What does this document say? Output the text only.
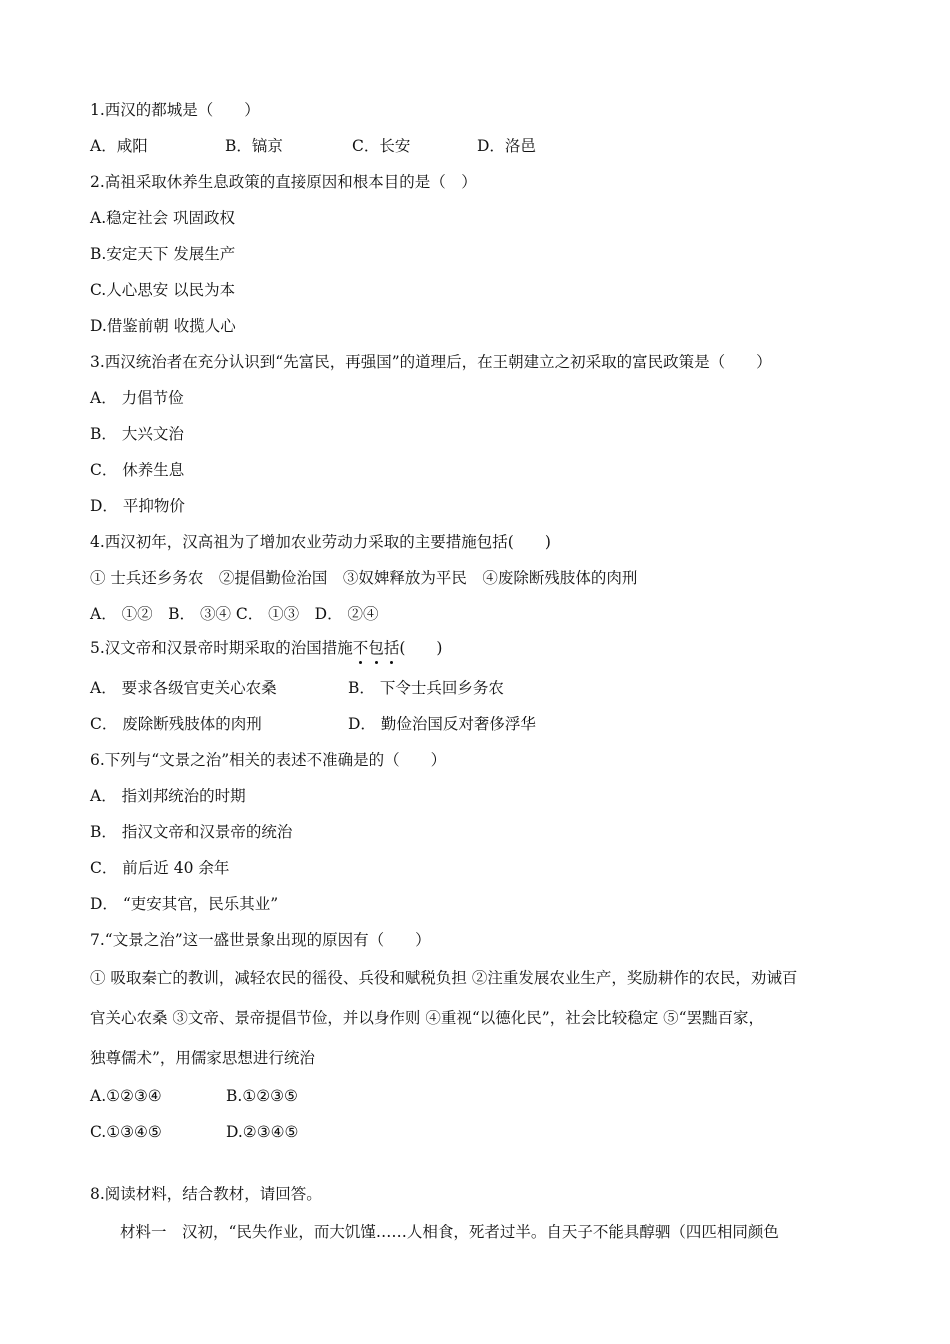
1.西汉的都城是（　　）
A．咸阳	B．镐京	C．长安	D．洛邑
2.高祖采取休养生息政策的直接原因和根本目的是（　）
A.稳定社会 巩固政权
B.安定天下 发展生产
C.人心思安 以民为本
D.借鉴前朝 收揽人心
3.西汉统治者在充分认识到“先富民，再强国”的道理后，在王朝建立之初采取的富民政策是（　　）
A． 力倡节俭
B． 大兴文治
C． 休养生息
D． 平抑物价
4.西汉初年，汉高祖为了增加农业劳动力采取的主要措施包括(　　)
① 士兵还乡务农　②提倡勤俭治国　③奴婢释放为平民　④废除断残肢体的肉刑
A． ①②　B． ③④ C． ①③　D． ②④
5.汉文帝和汉景帝时期采取的治国措施不包括(　　)
A． 要求各级官吏关心农桑	B． 下令士兵回乡务农
C． 废除断残肢体的肉刑	D． 勤俭治国反对奢侈浮华
6.下列与“文景之治”相关的表述不准确是的（　　）
A． 指刘邦统治的时期
B． 指汉文帝和汉景帝的统治
C． 前后近 40 余年
D． “吏安其官，民乐其业”
7.“文景之治”这一盛世景象出现的原因有（　　）
① 吸取秦亡的教训，减轻农民的徭役、兵役和赋税负担 ②注重发展农业生产，奖励耕作的农民，劝诫百
官关心农桑 ③文帝、景帝提倡节俭，并以身作则 ④重视“以德化民”，社会比较稳定 ⑤“罢黜百家，
独尊儒术”，用儒家思想进行统治
A.①②③④	B.①②③⑤
C.①③④⑤	D.②③④⑤
8.阅读材料，结合教材，请回答。
材料一　汉初，“民失作业，而大饥馑……人相食，死者过半。自天子不能具醇驷（四匹相同颜色
